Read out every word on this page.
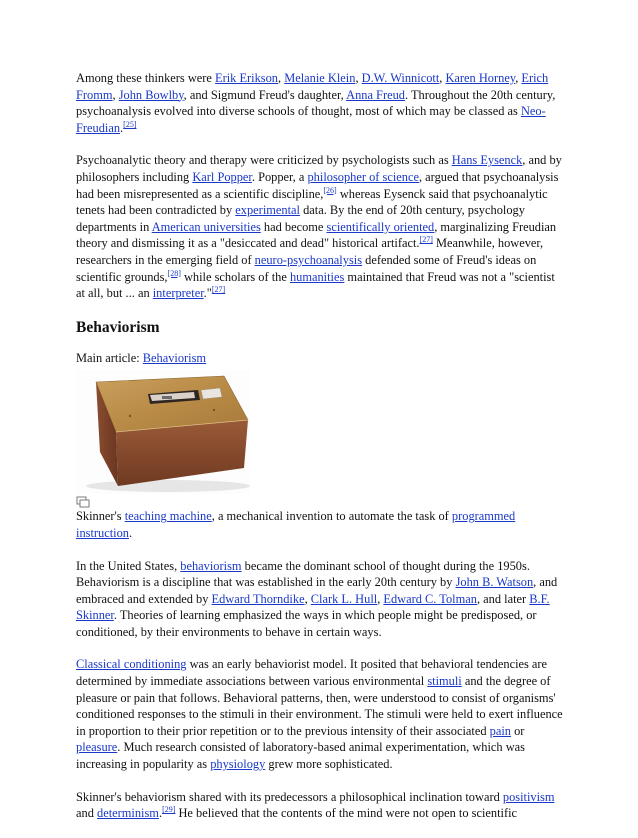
Among these thinkers were Erik Erikson, Melanie Klein, D.W. Winnicott, Karen Horney, Erich Fromm, John Bowlby, and Sigmund Freud's daughter, Anna Freud. Throughout the 20th century, psychoanalysis evolved into diverse schools of thought, most of which may be classed as Neo-Freudian.[25]

Psychoanalytic theory and therapy were criticized by psychologists such as Hans Eysenck, and by philosophers including Karl Popper. Popper, a philosopher of science, argued that psychoanalysis had been misrepresented as a scientific discipline,[26] whereas Eysenck said that psychoanalytic tenets had been contradicted by experimental data. By the end of 20th century, psychology departments in American universities had become scientifically oriented, marginalizing Freudian theory and dismissing it as a "desiccated and dead" historical artifact.[27] Meanwhile, however, researchers in the emerging field of neuro-psychoanalysis defended some of Freud's ideas on scientific grounds,[28] while scholars of the humanities maintained that Freud was not a "scientist at all, but ... an interpreter."[27]

Behaviorism
Main article: Behaviorism

Skinner's teaching machine, a mechanical invention to automate the task of programmed instruction.

In the United States, behaviorism became the dominant school of thought during the 1950s. Behaviorism is a discipline that was established in the early 20th century by John B. Watson, and embraced and extended by Edward Thorndike, Clark L. Hull, Edward C. Tolman, and later B.F. Skinner. Theories of learning emphasized the ways in which people might be predisposed, or conditioned, by their environments to behave in certain ways.

Classical conditioning was an early behaviorist model. It posited that behavioral tendencies are determined by immediate associations between various environmental stimuli and the degree of pleasure or pain that follows. Behavioral patterns, then, were understood to consist of organisms' conditioned responses to the stimuli in their environment. The stimuli were held to exert influence in proportion to their prior repetition or to the previous intensity of their associated pain or pleasure. Much research consisted of laboratory-based animal experimentation, which was increasing in popularity as physiology grew more sophisticated.

Skinner's behaviorism shared with its predecessors a philosophical inclination toward positivism and determinism.[29] He believed that the contents of the mind were not open to scientific
